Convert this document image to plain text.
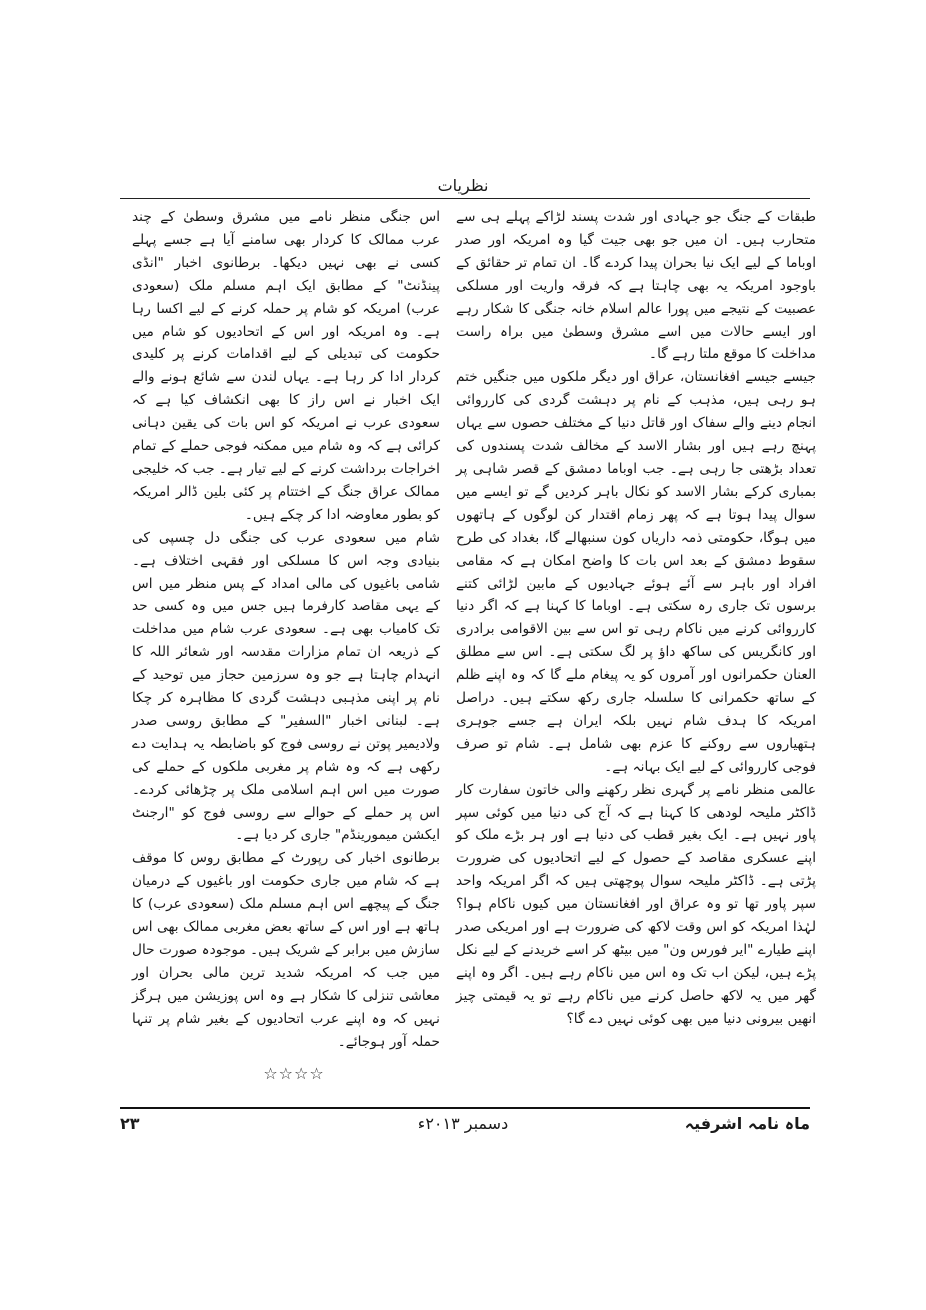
نظریات

طبقات کے جنگ جو جہادی اور شدت پسند لڑاکے پہلے ہی سے متحارب ہیں۔ ان میں جو بھی جیت گیا وہ امریکہ اور صدر اوباما کے لیے ایک نیا بحران پیدا کردے گا۔ ان تمام تر حقائق کے باوجود امریکہ یہ بھی چاہتا ہے کہ فرقہ واریت اور مسلکی عصبیت کے نتیجے میں پورا عالم اسلام خانہ جنگی کا شکار رہے اور ایسے حالات میں اسے مشرق وسطیٰ میں براہ راست مداخلت کا موقع ملتا رہے گا۔

جیسے جیسے افغانستان، عراق اور دیگر ملکوں میں جنگیں ختم ہو رہی ہیں، مذہب کے نام پر دہشت گردی کی کارروائی انجام دینے والے سفاک اور قاتل دنیا کے مختلف حصوں سے یہاں پہنچ رہے ہیں اور بشار الاسد کے مخالف شدت پسندوں کی تعداد بڑھتی جا رہی ہے۔ جب اوباما دمشق کے قصر شاہی پر بمباری کرکے بشار الاسد کو نکال باہر کردیں گے تو ایسے میں سوال پیدا ہوتا ہے کہ پھر زمام اقتدار کن لوگوں کے ہاتھوں میں ہوگا، حکومتی ذمہ داریاں کون سنبھالے گا، بغداد کی طرح سقوط دمشق کے بعد اس بات کا واضح امکان ہے کہ مقامی افراد اور باہر سے آئے ہوئے جہادیوں کے مابین لڑائی کتنے برسوں تک جاری رہ سکتی ہے۔ اوباما کا کہنا ہے کہ اگر دنیا کارروائی کرنے میں ناکام رہی تو اس سے بین الاقوامی برادری اور کانگریس کی ساکھ داؤ پر لگ سکتی ہے۔ اس سے مطلق العنان حکمرانوں اور آمروں کو یہ پیغام ملے گا کہ وہ اپنے ظلم کے ساتھ حکمرانی کا سلسلہ جاری رکھ سکتے ہیں۔ دراصل امریکہ کا ہدف شام نہیں بلکہ ایران ہے جسے جوہری ہتھیاروں سے روکنے کا عزم بھی شامل ہے۔ شام تو صرف فوجی کارروائی کے لیے ایک بہانہ ہے۔

عالمی منظر نامے پر گہری نظر رکھنے والی خاتون سفارت کار ڈاکٹر ملیحہ لودھی کا کہنا ہے کہ آج کی دنیا میں کوئی سپر پاور نہیں ہے۔ ایک بغیر قطب کی دنیا ہے اور ہر بڑے ملک کو اپنے عسکری مقاصد کے حصول کے لیے اتحادیوں کی ضرورت پڑتی ہے۔ ڈاکٹر ملیحہ سوال پوچھتی ہیں کہ اگر امریکہ واحد سپر پاور تھا تو وہ عراق اور افغانستان میں کیوں ناکام ہوا؟ لہٰذا امریکہ کو اس وقت لاکھ کی ضرورت ہے اور امریکی صدر اپنے طیارے "ایر فورس ون" میں بیٹھ کر اسے خریدنے کے لیے نکل پڑے ہیں، لیکن اب تک وہ اس میں ناکام رہے ہیں۔ اگر وہ اپنے گھر میں یہ لاکھ حاصل کرنے میں ناکام رہے تو یہ قیمتی چیز انھیں بیرونی دنیا میں بھی کوئی نہیں دے گا؟

اس جنگی منظر نامے میں مشرق وسطیٰ کے چند عرب ممالک کا کردار بھی سامنے آیا ہے جسے پہلے کسی نے بھی نہیں دیکھا۔ برطانوی اخبار "انڈی پینڈنٹ" کے مطابق ایک اہم مسلم ملک (سعودی عرب) امریکہ کو شام پر حملہ کرنے کے لیے اکسا رہا ہے۔ وہ امریکہ اور اس کے اتحادیوں کو شام میں حکومت کی تبدیلی کے لیے اقدامات کرنے پر کلیدی کردار ادا کر رہا ہے۔ یہاں لندن سے شائع ہونے والے ایک اخبار نے اس راز کا بھی انکشاف کیا ہے کہ سعودی عرب نے امریکہ کو اس بات کی یقین دہانی کرائی ہے کہ وہ شام میں ممکنہ فوجی حملے کے تمام اخراجات برداشت کرنے کے لیے تیار ہے۔ جب کہ خلیجی ممالک عراق جنگ کے اختتام پر کئی بلین ڈالر امریکہ کو بطور معاوضہ ادا کر چکے ہیں۔

شام میں سعودی عرب کی جنگی دل چسپی کی بنیادی وجہ اس کا مسلکی اور فقہی اختلاف ہے۔ شامی باغیوں کی مالی امداد کے پس منظر میں اس کے یہی مقاصد کارفرما ہیں جس میں وہ کسی حد تک کامیاب بھی ہے۔ سعودی عرب شام میں مداخلت کے ذریعہ ان تمام مزارات مقدسہ اور شعائر اللہ کا انہدام چاہتا ہے جو وہ سرزمین حجاز میں توحید کے نام پر اپنی مذہبی دہشت گردی کا مظاہرہ کر چکا ہے۔ لبنانی اخبار "السفیر" کے مطابق روسی صدر ولادیمیر پوتن نے روسی فوج کو باضابطہ یہ ہدایت دے رکھی ہے کہ وہ شام پر مغربی ملکوں کے حملے کی صورت میں اس اہم اسلامی ملک پر چڑھائی کردے۔ اس پر حملے کے حوالے سے روسی فوج کو "ارجنٹ ایکشن میمورینڈم" جاری کر دیا ہے۔

برطانوی اخبار کی رپورٹ کے مطابق روس کا موقف ہے کہ شام میں جاری حکومت اور باغیوں کے درمیان جنگ کے پیچھے اس اہم مسلم ملک (سعودی عرب) کا ہاتھ ہے اور اس کے ساتھ بعض مغربی ممالک بھی اس سازش میں برابر کے شریک ہیں۔ موجودہ صورت حال میں جب کہ امریکہ شدید ترین مالی بحران اور معاشی تنزلی کا شکار ہے وہ اس پوزیشن میں ہرگز نہیں کہ وہ اپنے عرب اتحادیوں کے بغیر شام پر تنہا حملہ آور ہوجائے۔

☆☆☆☆
ماہ نامہ اشرفیہ
دسمبر ۲۰۱۳ء
۲۳
